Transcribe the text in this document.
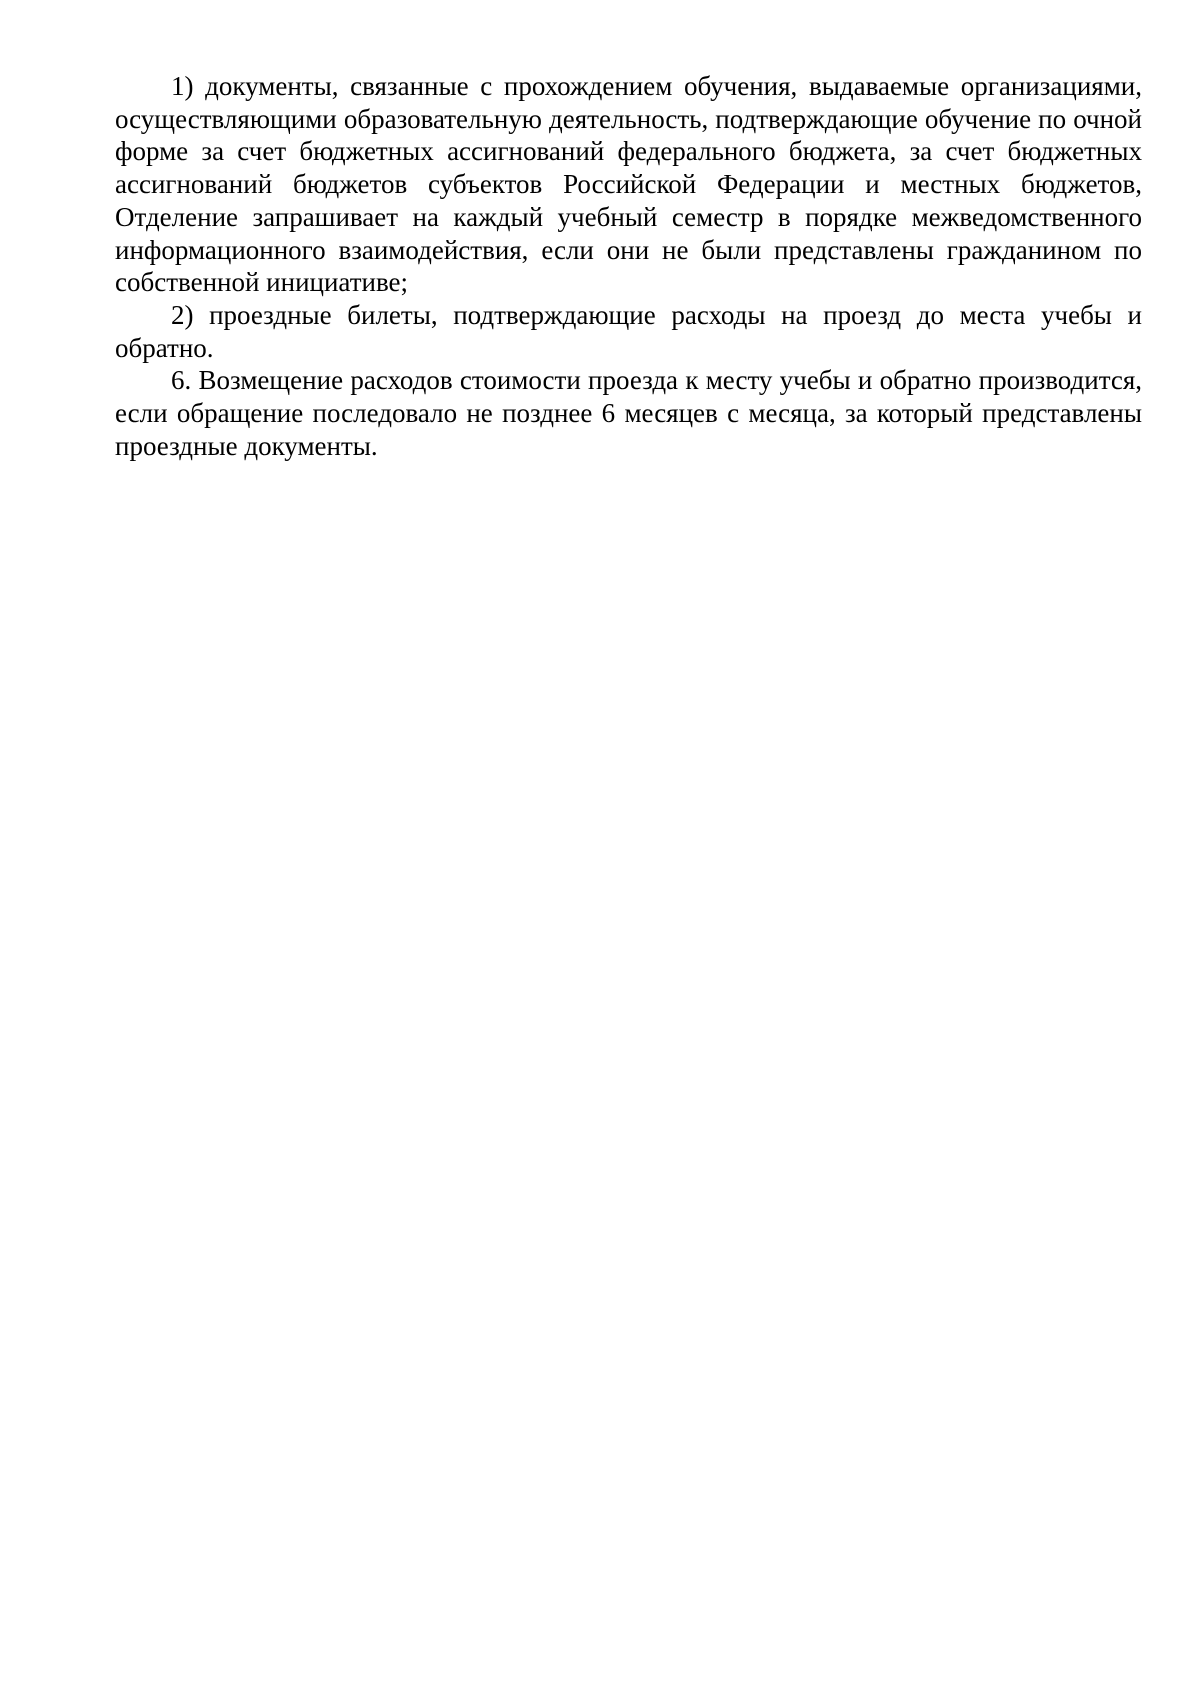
1) документы, связанные с прохождением обучения, выдаваемые организациями, осуществляющими образовательную деятельность, подтверждающие обучение по очной форме за счет бюджетных ассигнований федерального бюджета, за счет бюджетных ассигнований бюджетов субъектов Российской Федерации и местных бюджетов, Отделение запрашивает на каждый учебный семестр в порядке межведомственного информационного взаимодействия, если они не были представлены гражданином по собственной инициативе;

2) проездные билеты, подтверждающие расходы на проезд до места учебы и обратно.

6. Возмещение расходов стоимости проезда к месту учебы и обратно производится, если обращение последовало не позднее 6 месяцев с месяца, за который представлены проездные документы.
